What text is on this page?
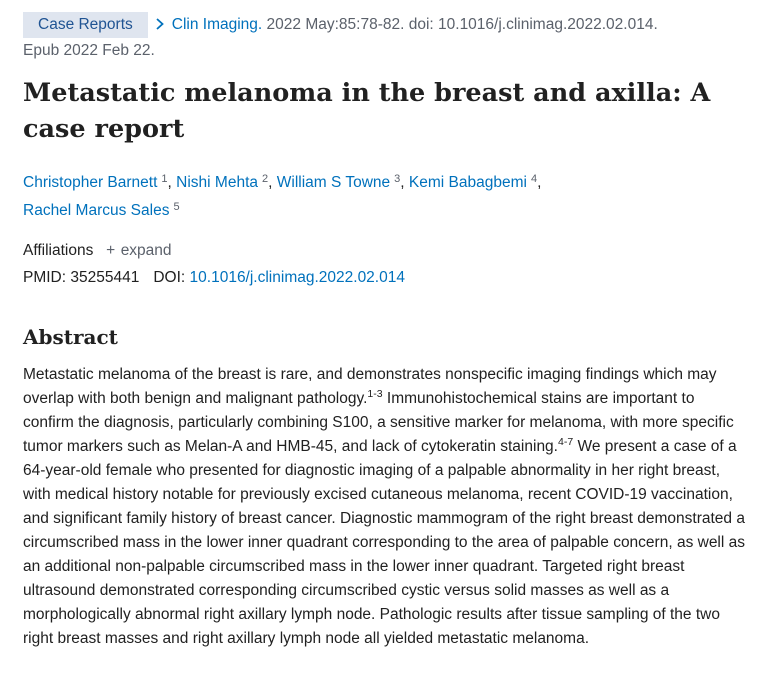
Case Reports	Clin Imaging. 2022 May:85:78-82. doi: 10.1016/j.clinimag.2022.02.014.
Epub 2022 Feb 22.
Metastatic melanoma in the breast and axilla: A case report
Christopher Barnett $^1$, Nishi Mehta $^2$, William S Towne $^3$, Kemi Babagbemi $^4$,
Rachel Marcus Sales $^5$
Affiliations + expand
PMID: 35255441 DOI: 10.1016/j.clinimag.2022.02.014
Abstract
Metastatic melanoma of the breast is rare, and demonstrates nonspecific imaging findings which may overlap with both benign and malignant pathology.$^{1-3}$ Immunohistochemical stains are important to confirm the diagnosis, particularly combining S100, a sensitive marker for melanoma, with more specific tumor markers such as Melan-A and HMB-45, and lack of cytokeratin staining.$^{4-7}$ We present a case of a 64-year-old female who presented for diagnostic imaging of a palpable abnormality in her right breast, with medical history notable for previously excised cutaneous melanoma, recent COVID-19 vaccination, and significant family history of breast cancer. Diagnostic mammogram of the right breast demonstrated a circumscribed mass in the lower inner quadrant corresponding to the area of palpable concern, as well as an additional non-palpable circumscribed mass in the lower inner quadrant. Targeted right breast ultrasound demonstrated corresponding circumscribed cystic versus solid masses as well as a morphologically abnormal right axillary lymph node. Pathologic results after tissue sampling of the two right breast masses and right axillary lymph node all yielded metastatic melanoma.
